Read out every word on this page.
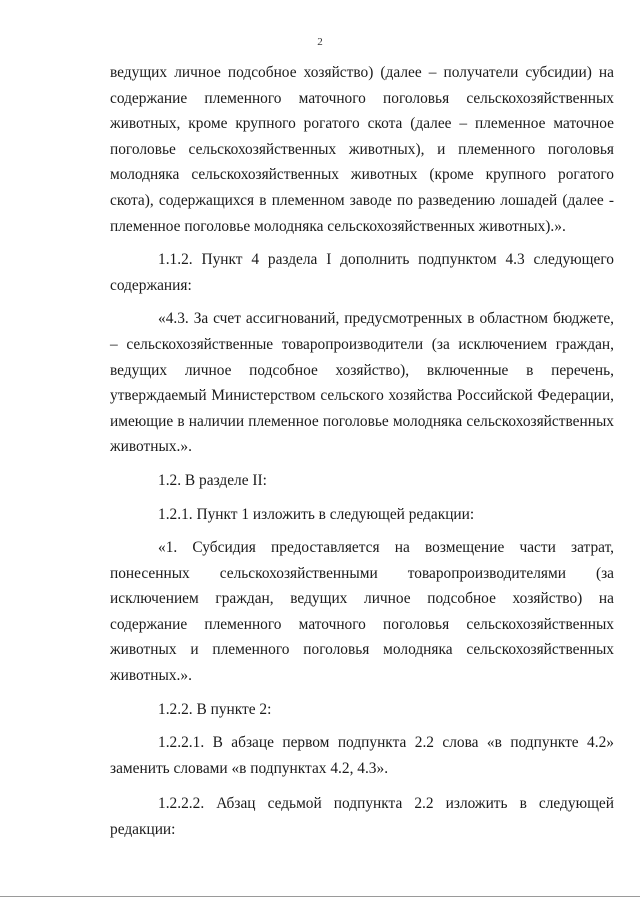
2

ведущих личное подсобное хозяйство) (далее – получатели субсидии) на содержание племенного маточного поголовья сельскохозяйственных животных, кроме крупного рогатого скота (далее – племенное маточное поголовье сельскохозяйственных животных), и племенного поголовья молодняка сельскохозяйственных животных (кроме крупного рогатого скота), содержащихся в племенном заводе по разведению лошадей (далее - племенное поголовье молодняка сельскохозяйственных животных).».

1.1.2. Пункт 4 раздела I дополнить подпунктом 4.3 следующего содержания:

«4.3. За счет ассигнований, предусмотренных в областном бюджете, – сельскохозяйственные товаропроизводители (за исключением граждан, ведущих личное подсобное хозяйство), включенные в перечень, утверждаемый Министерством сельского хозяйства Российской Федерации, имеющие в наличии племенное поголовье молодняка сельскохозяйственных животных.».

1.2. В разделе II:

1.2.1. Пункт 1 изложить в следующей редакции:

«1. Субсидия предоставляется на возмещение части затрат, понесенных сельскохозяйственными товаропроизводителями (за исключением граждан, ведущих личное подсобное хозяйство) на содержание племенного маточного поголовья сельскохозяйственных животных и племенного поголовья молодняка сельскохозяйственных животных.».

1.2.2. В пункте 2:

1.2.2.1. В абзаце первом подпункта 2.2 слова «в подпункте 4.2» заменить словами «в подпунктах 4.2, 4.3».

1.2.2.2. Абзац седьмой подпункта 2.2 изложить в следующей редакции:
